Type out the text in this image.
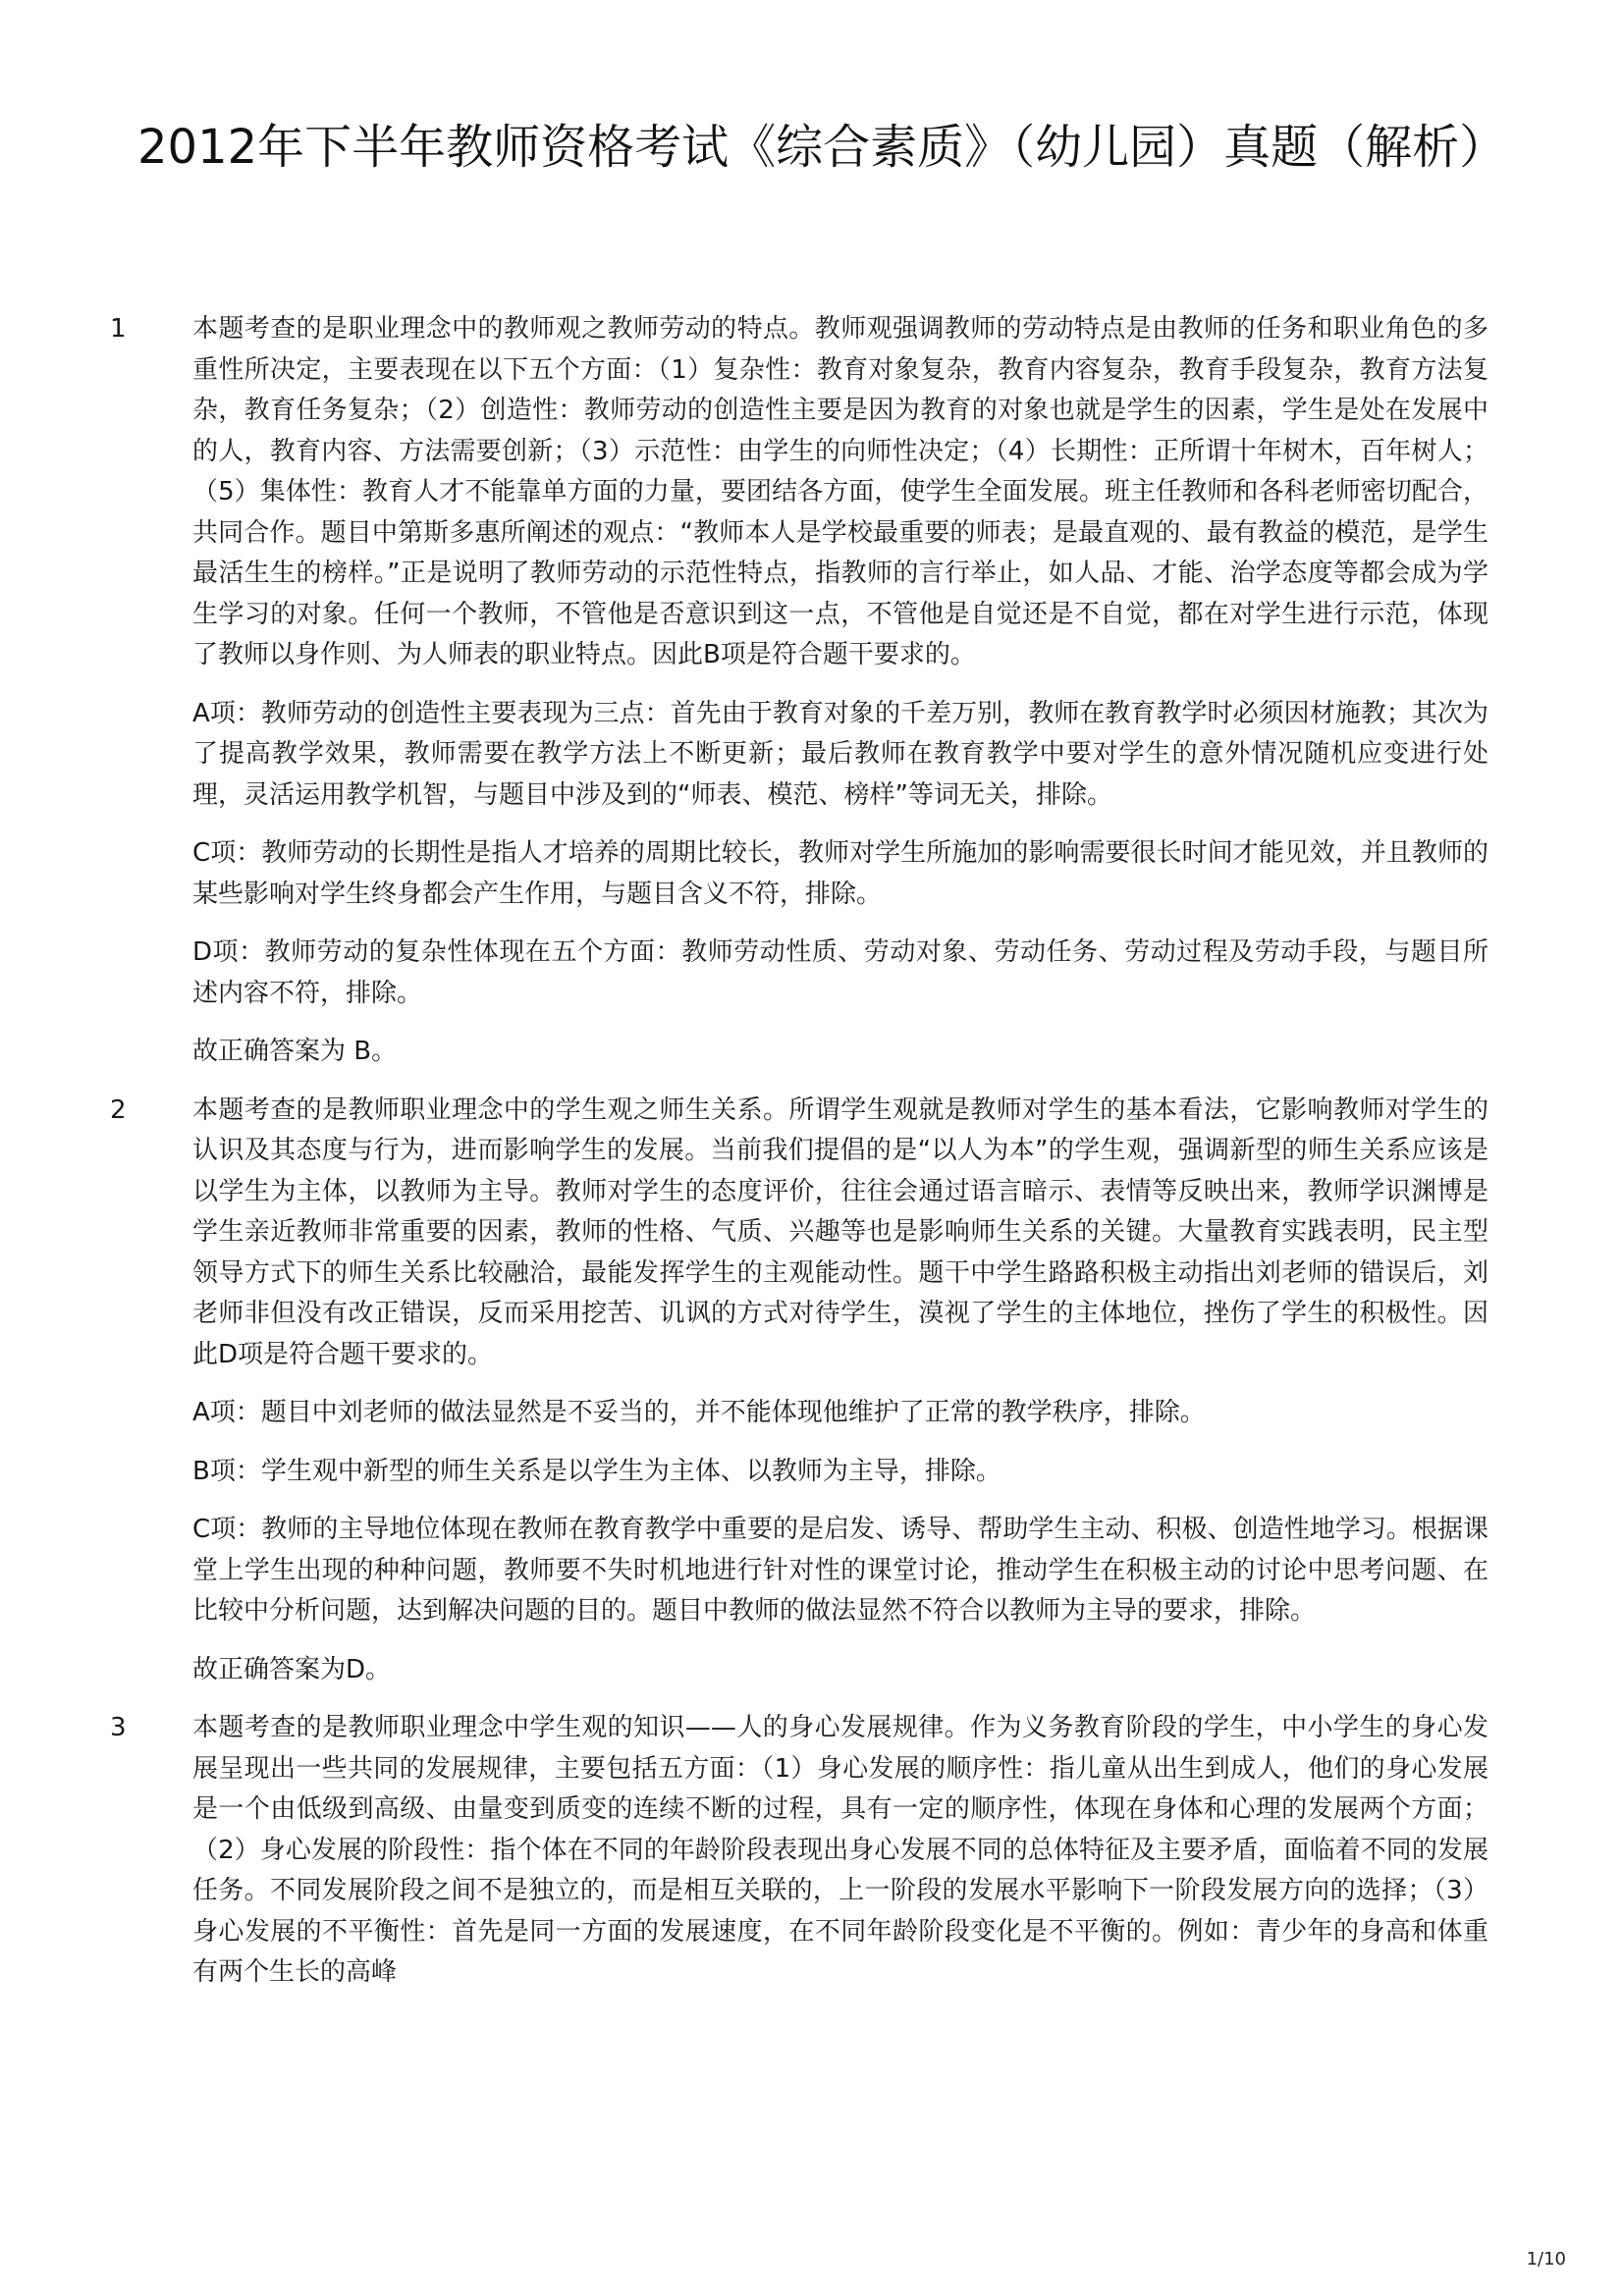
2012年下半年教师资格考试《综合素质》（幼儿园）真题（解析）
1	本题考查的是职业理念中的教师观之教师劳动的特点。教师观强调教师的劳动特点是由教师的任务和职业角色的多重性所决定，主要表现在以下五个方面：（1）复杂性：教育对象复杂，教育内容复杂，教育手段复杂，教育方法复杂，教育任务复杂；（2）创造性：教师劳动的创造性主要是因为教育的对象也就是学生的因素，学生是处在发展中的人，教育内容、方法需要创新；（3）示范性：由学生的向师性决定；（4）长期性：正所谓十年树木，百年树人；（5）集体性：教育人才不能靠单方面的力量，要团结各方面，使学生全面发展。班主任教师和各科老师密切配合，共同合作。题目中第斯多惠所阐述的观点：“教师本人是学校最重要的师表；是最直观的、最有教益的模范，是学生最活生生的榜样。”正是说明了教师劳动的示范性特点，指教师的言行举止，如人品、才能、治学态度等都会成为学生学习的对象。任何一个教师，不管他是否意识到这一点，不管他是自觉还是不自觉，都在对学生进行示范，体现了教师以身作则、为人师表的职业特点。因此B项是符合题干要求的。

A项：教师劳动的创造性主要表现为三点：首先由于教育对象的千差万别，教师在教育教学时必须因材施教；其次为了提高教学效果，教师需要在教学方法上不断更新；最后教师在教育教学中要对学生的意外情况随机应变进行处理，灵活运用教学机智，与题目中涉及到的“师表、模范、榜样”等词无关，排除。

C项：教师劳动的长期性是指人才培养的周期比较长，教师对学生所施加的影响需要很长时间才能见效，并且教师的某些影响对学生终身都会产生作用，与题目含义不符，排除。

D项：教师劳动的复杂性体现在五个方面：教师劳动性质、劳动对象、劳动任务、劳动过程及劳动手段，与题目所述内容不符，排除。

故正确答案为 B。

2	本题考查的是教师职业理念中的学生观之师生关系。所谓学生观就是教师对学生的基本看法，它影响教师对学生的认识及其态度与行为，进而影响学生的发展。当前我们提倡的是“以人为本”的学生观，强调新型的师生关系应该是以学生为主体，以教师为主导。教师对学生的态度评价，往往会通过语言暗示、表情等反映出来，教师学识渊博是学生亲近教师非常重要的因素，教师的性格、气质、兴趣等也是影响师生关系的关键。大量教育实践表明，民主型领导方式下的师生关系比较融洽，最能发挥学生的主观能动性。题干中学生路路积极主动指出刘老师的错误后，刘老师非但没有改正错误，反而采用挖苦、讥讽的方式对待学生，漠视了学生的主体地位，挫伤了学生的积极性。因此D项是符合题干要求的。

A项：题目中刘老师的做法显然是不妥当的，并不能体现他维护了正常的教学秩序，排除。

B项：学生观中新型的师生关系是以学生为主体、以教师为主导，排除。

C项：教师的主导地位体现在教师在教育教学中重要的是启发、诱导、帮助学生主动、积极、创造性地学习。根据课堂上学生出现的种种问题，教师要不失时机地进行针对性的课堂讨论，推动学生在积极主动的讨论中思考问题、在比较中分析问题，达到解决问题的目的。题目中教师的做法显然不符合以教师为主导的要求，排除。

故正确答案为D。

3	本题考查的是教师职业理念中学生观的知识——人的身心发展规律。作为义务教育阶段的学生，中小学生的身心发展呈现出一些共同的发展规律，主要包括五方面：（1）身心发展的顺序性：指儿童从出生到成人，他们的身心发展是一个由低级到高级、由量变到质变的连续不断的过程，具有一定的顺序性，体现在身体和心理的发展两个方面；（2）身心发展的阶段性：指个体在不同的年龄阶段表现出身心发展不同的总体特征及主要矛盾，面临着不同的发展任务。不同发展阶段之间不是独立的，而是相互关联的，上一阶段的发展水平影响下一阶段发展方向的选择；（3）身心发展的不平衡性：首先是同一方面的发展速度，在不同年龄阶段变化是不平衡的。例如：青少年的身高和体重有两个生长的高峰

1/10
